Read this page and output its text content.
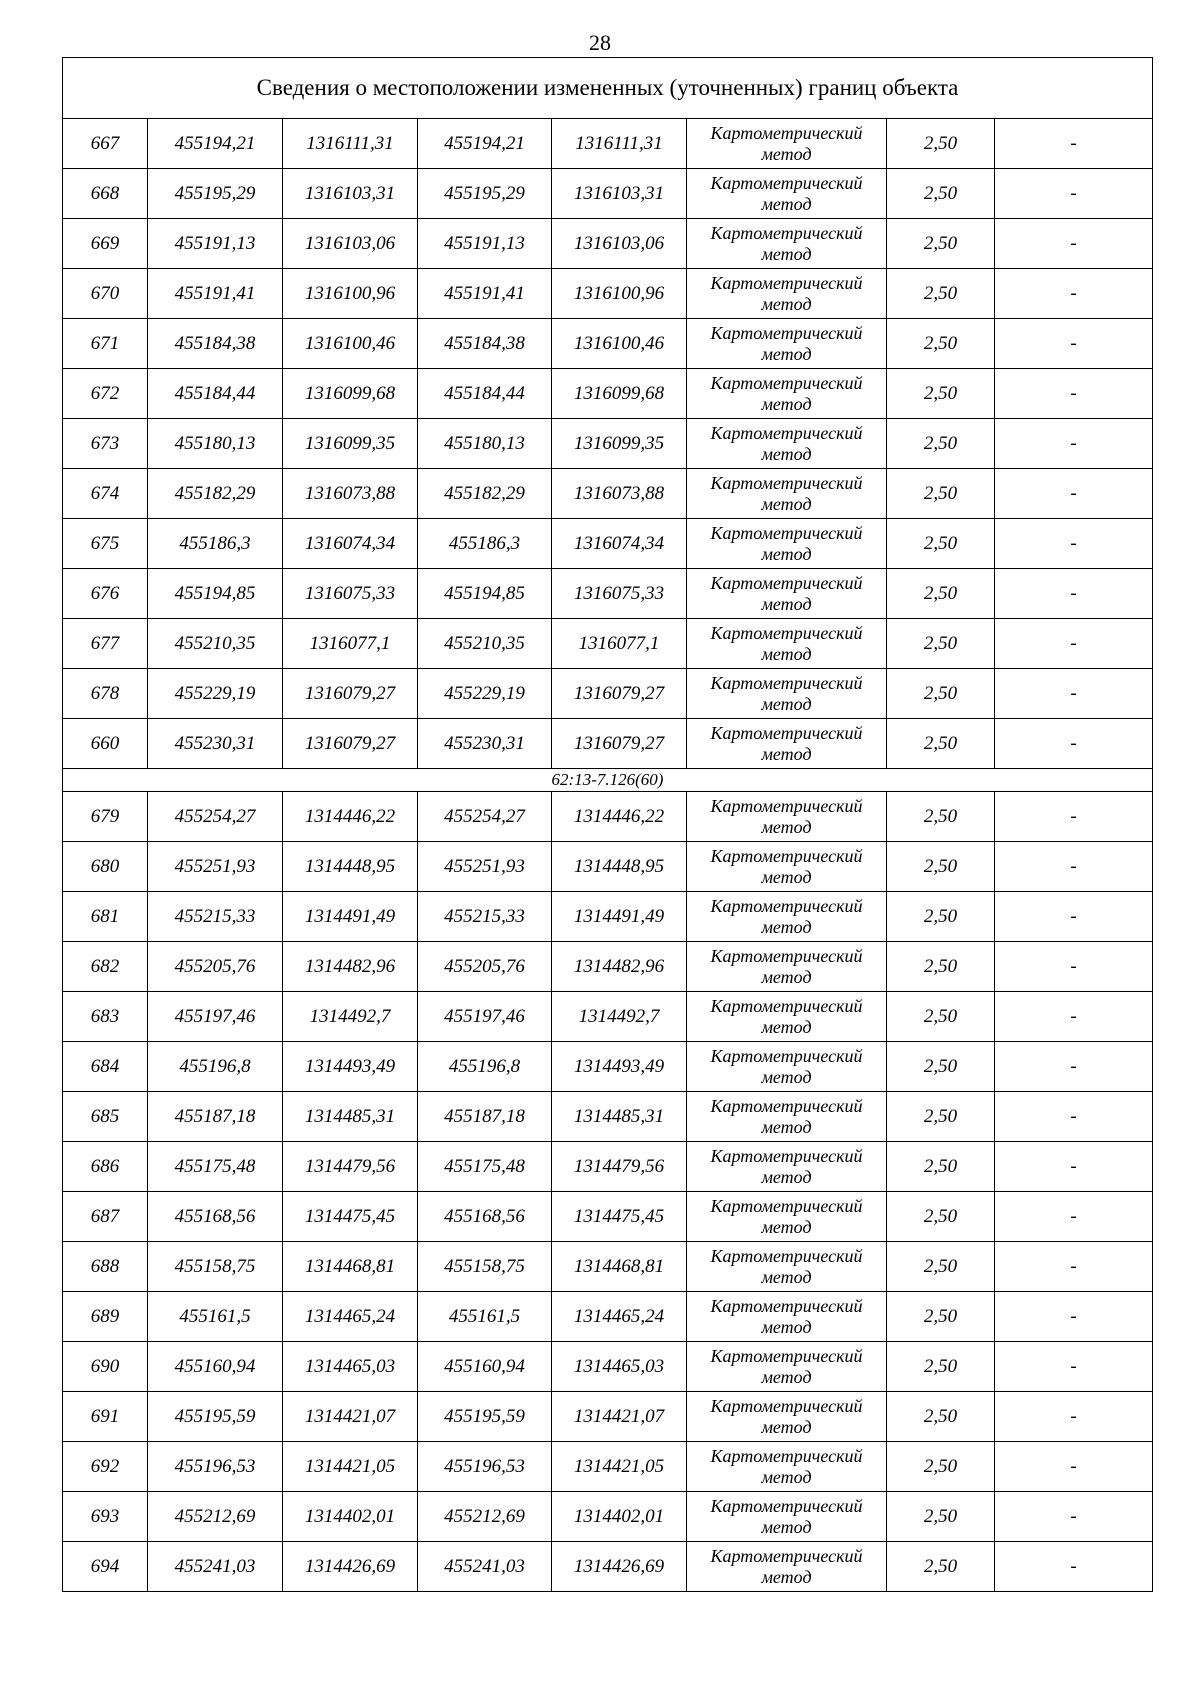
28
Сведения о местоположении измененных (уточненных) границ объекта							
667	455194,21	1316111,31	455194,21	1316111,31	Картометрический метод	2,50	-
668	455195,29	1316103,31	455195,29	1316103,31	Картометрический метод	2,50	-
669	455191,13	1316103,06	455191,13	1316103,06	Картометрический метод	2,50	-
670	455191,41	1316100,96	455191,41	1316100,96	Картометрический метод	2,50	-
671	455184,38	1316100,46	455184,38	1316100,46	Картометрический метод	2,50	-
672	455184,44	1316099,68	455184,44	1316099,68	Картометрический метод	2,50	-
673	455180,13	1316099,35	455180,13	1316099,35	Картометрический метод	2,50	-
674	455182,29	1316073,88	455182,29	1316073,88	Картометрический метод	2,50	-
675	455186,3	1316074,34	455186,3	1316074,34	Картометрический метод	2,50	-
676	455194,85	1316075,33	455194,85	1316075,33	Картометрический метод	2,50	-
677	455210,35	1316077,1	455210,35	1316077,1	Картометрический метод	2,50	-
678	455229,19	1316079,27	455229,19	1316079,27	Картометрический метод	2,50	-
660	455230,31	1316079,27	455230,31	1316079,27	Картометрический метод	2,50	-
62:13-7.126(60)							
679	455254,27	1314446,22	455254,27	1314446,22	Картометрический метод	2,50	-
680	455251,93	1314448,95	455251,93	1314448,95	Картометрический метод	2,50	-
681	455215,33	1314491,49	455215,33	1314491,49	Картометрический метод	2,50	-
682	455205,76	1314482,96	455205,76	1314482,96	Картометрический метод	2,50	-
683	455197,46	1314492,7	455197,46	1314492,7	Картометрический метод	2,50	-
684	455196,8	1314493,49	455196,8	1314493,49	Картометрический метод	2,50	-
685	455187,18	1314485,31	455187,18	1314485,31	Картометрический метод	2,50	-
686	455175,48	1314479,56	455175,48	1314479,56	Картометрический метод	2,50	-
687	455168,56	1314475,45	455168,56	1314475,45	Картометрический метод	2,50	-
688	455158,75	1314468,81	455158,75	1314468,81	Картометрический метод	2,50	-
689	455161,5	1314465,24	455161,5	1314465,24	Картометрический метод	2,50	-
690	455160,94	1314465,03	455160,94	1314465,03	Картометрический метод	2,50	-
691	455195,59	1314421,07	455195,59	1314421,07	Картометрический метод	2,50	-
692	455196,53	1314421,05	455196,53	1314421,05	Картометрический метод	2,50	-
693	455212,69	1314402,01	455212,69	1314402,01	Картометрический метод	2,50	-
694	455241,03	1314426,69	455241,03	1314426,69	Картометрический метод	2,50	-
